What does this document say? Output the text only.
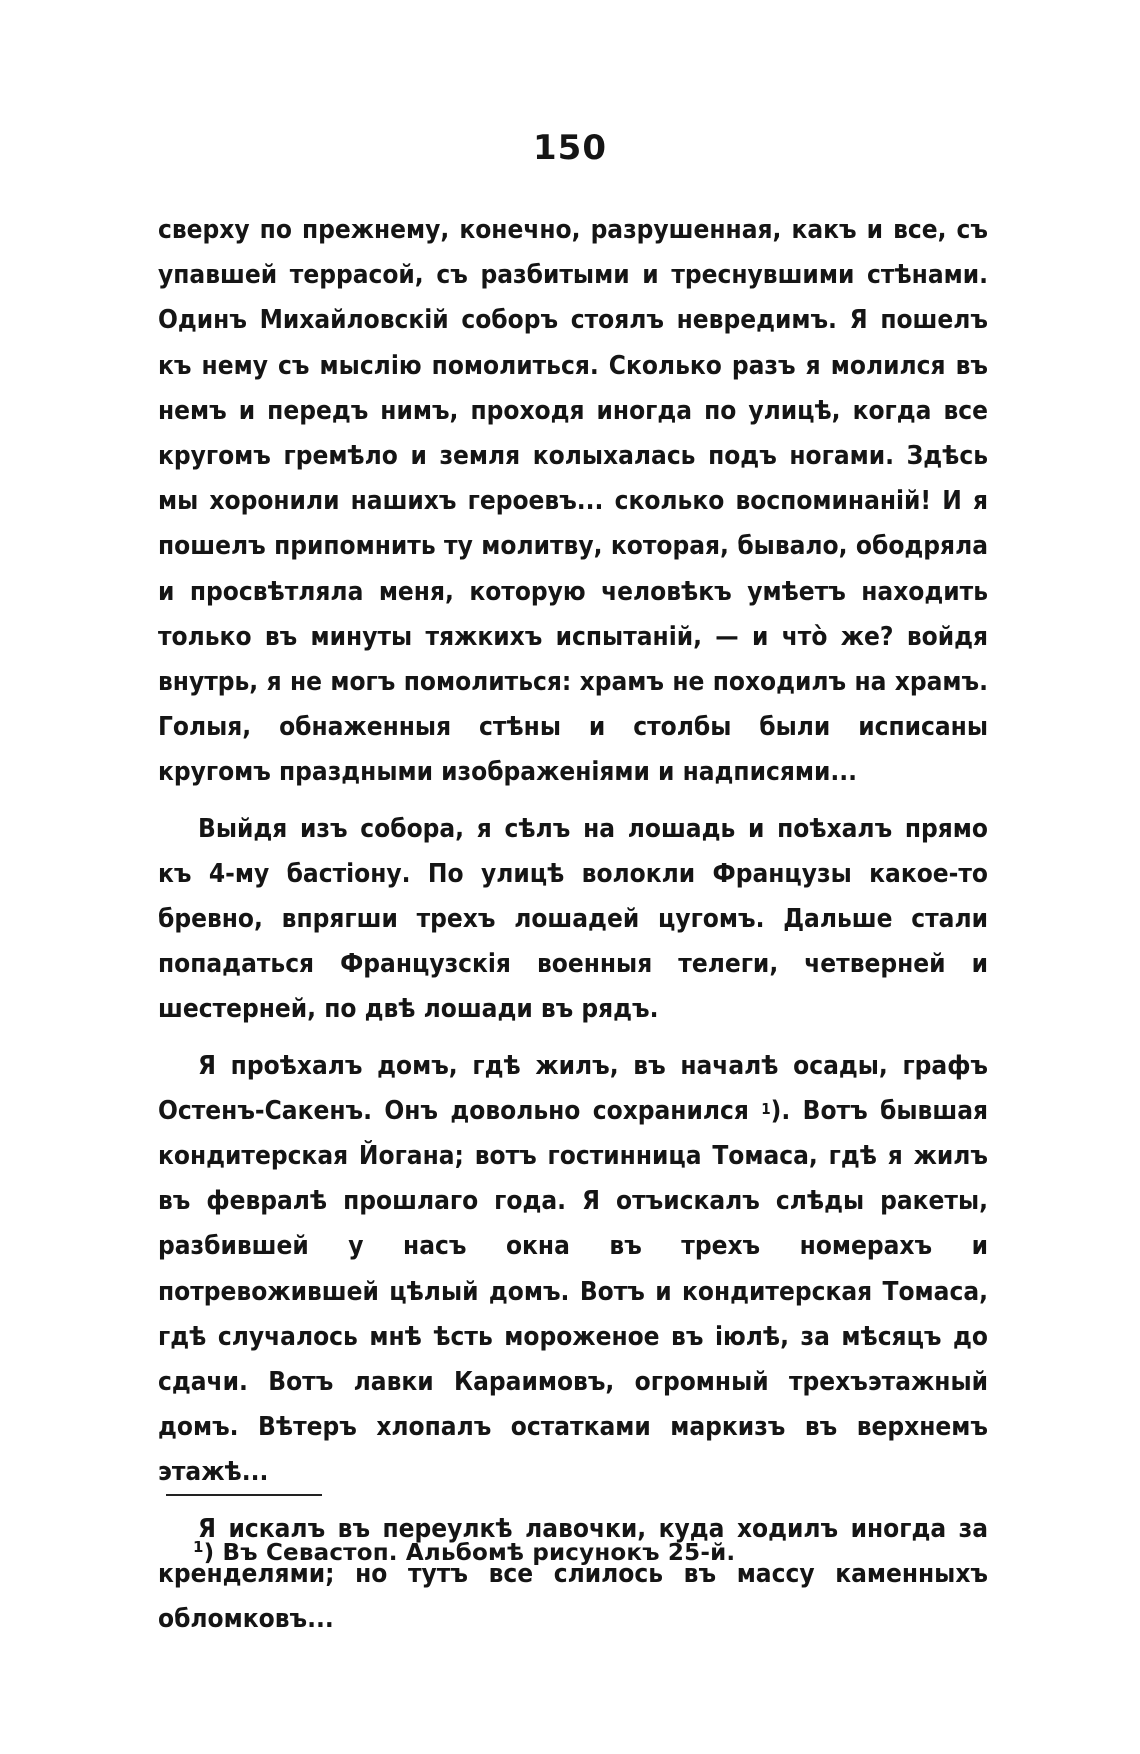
150

сверху по прежнему, конечно, разрушенная, какъ и все, съ упавшей террасой, съ разбитыми и треснувшими стѣнами. Одинъ Михайловскій соборъ стоялъ невредимъ. Я пошелъ къ нему съ мыслію помолиться. Сколько разъ я молился въ немъ и передъ нимъ, проходя иногда по улицѣ, когда все кругомъ гремѣло и земля колыхалась подъ ногами. Здѣсь мы хоронили нашихъ героевъ... сколько воспоминаній! И я пошелъ припомнить ту молитву, которая, бывало, ободряла и просвѣтляла меня, которую человѣкъ умѣетъ находить только въ минуты тяжкихъ испытаній, — и что̀ же? войдя внутрь, я не могъ помолиться: храмъ не походилъ на храмъ. Голыя, обнаженныя стѣны и столбы были исписаны кругомъ праздными изображеніями и надписями...

Выйдя изъ собора, я сѣлъ на лошадь и поѣхалъ прямо къ 4-му бастіону. По улицѣ волокли Французы какое-то бревно, впрягши трехъ лошадей цугомъ. Дальше стали попадаться Французскія военныя телеги, четверней и шестерней, по двѣ лошади въ рядъ.

Я проѣхалъ домъ, гдѣ жилъ, въ началѣ осады, графъ Остенъ-Сакенъ. Онъ довольно сохранился $^1$). Вотъ бывшая кондитерская Йогана; вотъ гостинница Томаса, гдѣ я жилъ въ февралѣ прошлаго года. Я отъискалъ слѣды ракеты, разбившей у насъ окна въ трехъ номерахъ и потревожившей цѣлый домъ. Вотъ и кондитерская Томаса, гдѣ случалось мнѣ ѣсть мороженое въ іюлѣ, за мѣсяцъ до сдачи. Вотъ лавки Караимовъ, огромный трехъэтажный домъ. Вѣтеръ хлопалъ остатками маркизъ въ верхнемъ этажѣ...

Я искалъ въ переулкѣ лавочки, куда ходилъ иногда за кренделями; но тутъ все слилось въ массу каменныхъ обломковъ...

$^1$) Въ Севастоп. Альбомѣ рисунокъ 25-й.
